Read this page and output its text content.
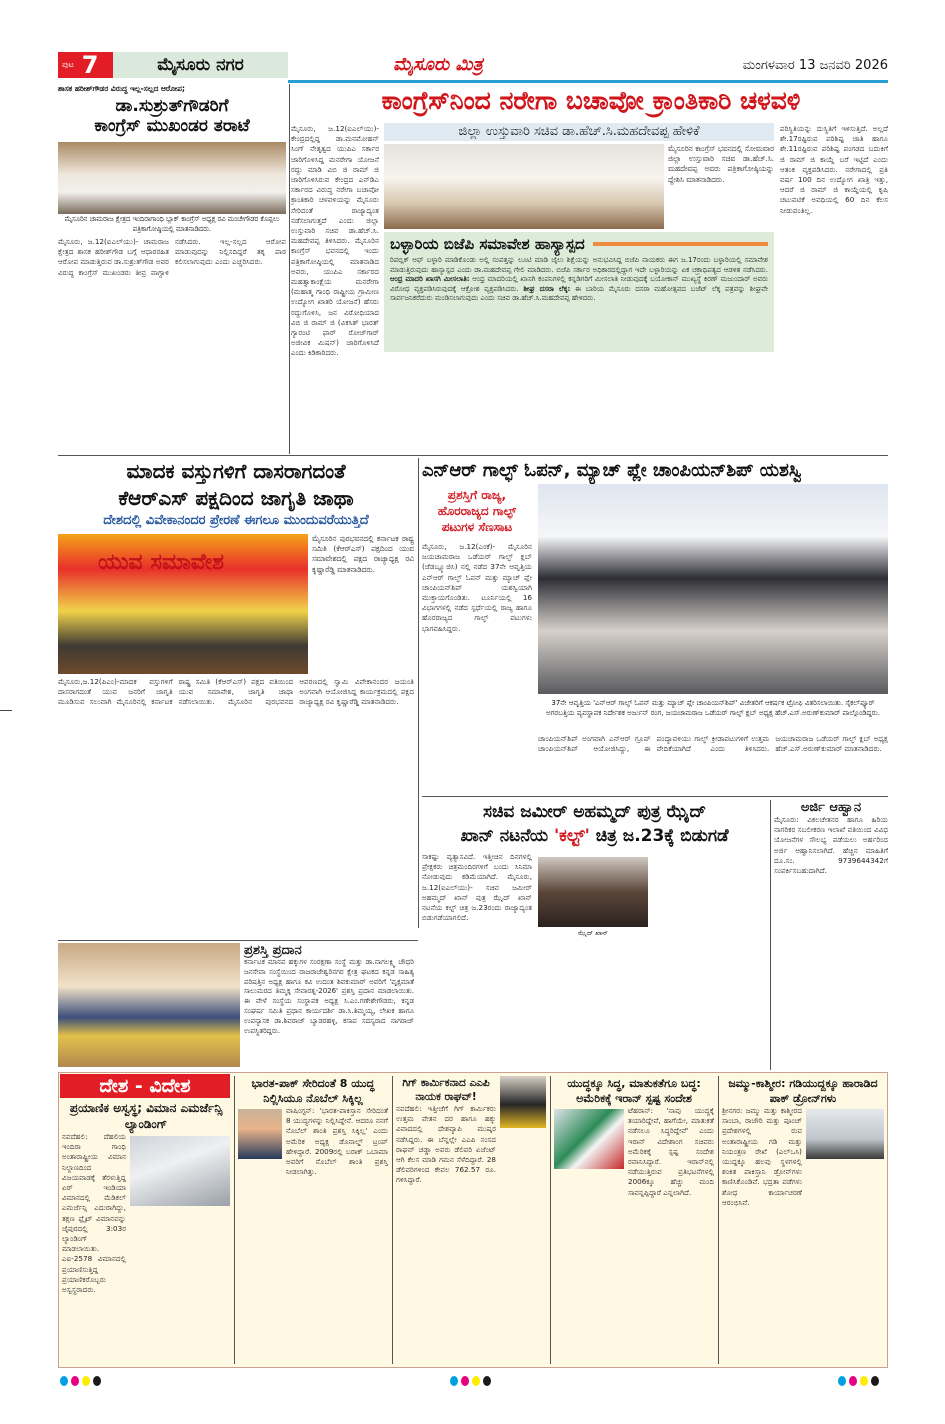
ಪುಟ 7	ಮೈಸೂರು ನಗರ	ಮೈಸೂರು ಮಿತ್ರ	ಮಂಗಳವಾರ 13 ಜನವರಿ 2026
ಶಾಸಕ ಹರೀಶ್‌ಗೌಡರ ವಿರುದ್ಧ ಇಲ್ಲ-ಸಲ್ಲದ ಆರೋಪ;
ಡಾ.ಸುಶ್ರುತ್‌ಗೌಡರಿಗೆ
ಕಾಂಗ್ರೆಸ್ ಮುಖಂಡರ ತರಾಟೆ
ಮೈಸೂರಿನ ಚಾಮರಾಜ ಕ್ಷೇತ್ರದ ಇಂದಿರಾಗಾಂಧಿ ಬ್ಲಾಕ್ ಕಾಂಗ್ರೆಸ್ ಅಧ್ಯಕ್ಷ ರವಿ ಮಂಚೇಗೌಡರ ಕೊಪ್ಪಲು ಪತ್ರಿಕಾಗೋಷ್ಠಿಯಲ್ಲಿ ಮಾತನಾಡಿದರು.
ಮೈಸೂರು, ಜ.12(ಐಎಲ್‌ಯು)- ಚಾಮರಾಜ ಕ್ಷೇತ್ರದ ಶಾಸಕ ಹರೀಶ್‌ಗೌಡ ಬಗ್ಗೆ ಆಧಾರರಹಿತ ಆರೋಪ ಮಾಡುತ್ತಿರುವ ಡಾ.ಸುಶ್ರುತ್‌ಗೌಡ ಅವರ ವಿರುದ್ಧ ಕಾಂಗ್ರೆಸ್ ಮುಖಂಡರು ತೀವ್ರ ವಾಗ್ದಾಳಿ ನಡೆಸಿದರು. ಇಲ್ಲ-ಸಲ್ಲದ ಆರೋಪ ಮಾಡುವುದನ್ನು ನಿಲ್ಲಿಸದಿದ್ದರೆ ತಕ್ಕ ಪಾಠ ಕಲಿಸಲಾಗುವುದು ಎಂದು ಎಚ್ಚರಿಸಿದರು.
ಕಾಂಗ್ರೆಸ್‌ನಿಂದ ನರೇಗಾ ಬಚಾವೋ ಕ್ರಾಂತಿಕಾರಿ ಚಳವಳಿ
ಮೈಸೂರು, ಜ.12(ಐಎಲ್‌ಯು)- ಕೇಂದ್ರದಲ್ಲಿದ್ದ ಡಾ.ಮನಮೋಹನ್ ಸಿಂಗ್ ನೇತೃತ್ವದ ಯುಪಿಎ ಸರ್ಕಾರ ಜಾರಿಗೊಳಿಸಿದ್ದ ಮನರೇಗಾ ಯೋಜನೆ ರದ್ದು ಮಾಡಿ ವಿಬಿ ಜಿ ರಾಮ್ ಜಿ ಜಾರಿಗೊಳಿಸಿರುವ ಕೇಂದ್ರದ ಎನ್‌ಡಿಎ ಸರ್ಕಾರದ ವಿರುದ್ಧ ನರೇಗಾ ಬಚಾವೋ ಕ್ರಾಂತಿಕಾರಿ ಚಳವಳಿಯನ್ನು ಮೈಸೂರು ಸೇರಿದಂತೆ ರಾಜ್ಯಾದ್ಯಂತ ನಡೆಸಲಾಗುತ್ತದೆ ಎಂದು ಜಿಲ್ಲಾ ಉಸ್ತುವಾರಿ ಸಚಿವ ಡಾ.ಹೆಚ್.ಸಿ. ಮಹದೇವಪ್ಪ ತಿಳಿಸಿದರು. ಮೈಸೂರಿನ ಕಾಂಗ್ರೆಸ್ ಭವನದಲ್ಲಿ ಇಂದು ಪತ್ರಿಕಾಗೋಷ್ಠಿಯಲ್ಲಿ ಮಾತನಾಡಿದ ಅವರು, ಯುಪಿಎ ಸರ್ಕಾರದ ಮಹತ್ವಾಕಾಂಕ್ಷೆಯ ಮನರೇಗಾ (ಮಹಾತ್ಮ ಗಾಂಧಿ ರಾಷ್ಟ್ರೀಯ ಗ್ರಾಮೀಣ ಉದ್ಯೋಗ ಖಾತರಿ ಯೋಜನೆ) ಹೆಸರು ರದ್ದುಗೊಳಿಸಿ, ಜನ ವಿರೋಧಿಯಾದ ವಿಬಿ ಜಿ ರಾಮ್ ಜಿ (ವಿಕಸಿತ್ ಭಾರತ್ ಗ್ಯಾರಂಟಿ ಫಾರ್ ರೋಜ್‌ಗಾರ್ ಅಜೀವಿಕ ಮಿಷನ್) ಜಾರಿಗೊಳಿಸಿದೆ ಎಂದು ಕಿಡಿಕಾರಿದರು.
ಜಿಲ್ಲಾ ಉಸ್ತುವಾರಿ ಸಚಿವ ಡಾ.ಹೆಚ್.ಸಿ.ಮಹದೇವಪ್ಪ ಹೇಳಿಕೆ
ಮೈಸೂರಿನ ಕಾಂಗ್ರೆಸ್ ಭವನದಲ್ಲಿ ಸೋಮವಾರ ಜಿಲ್ಲಾ ಉಸ್ತುವಾರಿ ಸಚಿವ ಡಾ.ಹೆಚ್.ಸಿ. ಮಹದೇವಪ್ಪ ಅವರು ಪತ್ರಿಕಾಗೋಷ್ಠಿಯನ್ನು ದ್ದೇಶಿಸಿ ಮಾತನಾಡಿದರು.
ಪರಿಸ್ಥಿತಿಯನ್ನು ದುಸ್ಥಿತಿಗೆ ಇಳಿಸುತ್ತಿದೆ. ಅಲ್ಲದೆ ಶೇ.17ರಷ್ಟಿರುವ ಪರಿಶಿಷ್ಟ ಜಾತಿ ಹಾಗೂ ಶೇ.11ರಷ್ಟಿರುವ ಪರಿಶಿಷ್ಟ ಪಂಗಡದ ಬದುಕಿಗೆ ಜಿ ರಾಮ್ ಜಿ ಕಾಯ್ದೆ ಬರೆ ಇಟ್ಟಿದೆ ಎಂದು ಆತಂಕ ವ್ಯಕ್ತಪಡಿಸಿದರು. ನರೇಗಾದಲ್ಲಿ ಪ್ರತಿ ವರ್ಷ 100 ದಿನ ಉದ್ಯೋಗ ಖಾತ್ರಿ ಇತ್ತು, ಆದರೆ ಜಿ ರಾಮ್ ಜಿ ಕಾಯ್ದೆಯಲ್ಲಿ ಕೃಷಿ ಚಟುವಟಿಕೆ ಅವಧಿಯಲ್ಲಿ 60 ದಿನ ಕೆಲಸ ನೀಡುವಂತಿಲ್ಲ.
ಬಳ್ಳಾರಿಯ ಬಿಜೆಪಿ ಸಮಾವೇಶ ಹಾಸ್ಯಾಸ್ಪದ
ರಿಪಬ್ಲಿಕ್ ಆಫ್ ಬಳ್ಳಾರಿ ಮಾಡಿಕೊಂಡು ಅಲ್ಲಿ ಸಂಪತ್ತನ್ನು ಲೂಟಿ ಮಾಡಿ ಜೈಲು ಶಿಕ್ಷೆಯನ್ನು ಅನುಭವಿಸಿದ್ದ ಬಿಜೆಪಿ ನಾಯಕರು ಈಗ ಜ.17ರಂದು ಬಳ್ಳಾರಿಯಲ್ಲಿ ಸಮಾವೇಶ ಮಾಡುತ್ತಿರುವುದು ಹಾಸ್ಯಾಸ್ಪದ ಎಂದು ಡಾ.ಮಹದೇವಪ್ಪ ಗೇಲಿ ಮಾಡಿದರು. ಬಿಜೆಪಿ ಸರ್ಕಾರ ಅಧಿಕಾರದಲ್ಲಿದ್ದಾಗ ಇದೇ ಬಳ್ಳಾರಿಯನ್ನು ಏಕ ಚಕ್ರಾಧಿಪತ್ಯದ ಆಡಳಿತ ನಡೆಸಿದರು. ಆಂಧ್ರ ಮಾದರಿ ಖಾಸಗಿ ಮೀಸಲಾತಿ: ಆಂಧ್ರ ಮಾದರಿಯಲ್ಲಿ ಖಾಸಗಿ ಕಂಪನಿಗಳಲ್ಲಿ ಕನ್ನಡಿಗರಿಗೆ ಮೀಸಲಾತಿ ನೀಡುವುದಕ್ಕೆ ಬಯೋಕಾನ್ ಮುಖ್ಯಸ್ಥೆ ಕಿರಣ್ ಮಜುಂದಾರ್ ಅವರು ವಿರೋಧ ವ್ಯಕ್ತಪಡಿಸಿರುವುದಕ್ಕೆ ಆಕ್ರೋಶ ವ್ಯಕ್ತಪಡಿಸಿದರು. ಶೀಘ್ರ ದಸರಾ ಲೆಕ್ಕ: ಈ ಬಾರಿಯ ಮೈಸೂರು ದಸರಾ ಮಹೋತ್ಸವದ ಬಜೆಟ್ ಲೆಕ್ಕ ಪತ್ರವನ್ನು ಶೀಘ್ರವೇ ಸಾರ್ವಜನಿಕರೆದುರು ಮಂಡಿಸಲಾಗುವುದು ಎಂದು ಸಚಿವ ಡಾ.ಹೆಚ್.ಸಿ.ಮಹದೇವಪ್ಪ ಹೇಳಿದರು.
ಮಾದಕ ವಸ್ತುಗಳಿಗೆ ದಾಸರಾಗದಂತೆ
ಕೆಆರ್‌ಎಸ್ ಪಕ್ಷದಿಂದ ಜಾಗೃತಿ ಜಾಥಾ
ದೇಶದಲ್ಲಿ ವಿವೇಕಾನಂದರ ಪ್ರೇರಣೆ ಈಗಲೂ ಮುಂದುವರೆಯುತ್ತಿದೆ
ಯುವ ಸಮಾವೇಶ
ಮೈಸೂರಿನ ಪುರಭವನದಲ್ಲಿ ಕರ್ನಾಟಕ ರಾಷ್ಟ್ರ ಸಮಿತಿ (ಕೆಆರ್‌ಎಸ್) ಪಕ್ಷದಿಂದ ಯುವ ಸಮಾವೇಶದಲ್ಲಿ ಪಕ್ಷದ ರಾಜ್ಯಾಧ್ಯಕ್ಷ ರವಿ ಕೃಷ್ಣಾರೆಡ್ಡಿ ಮಾತನಾಡಿದರು.
ಮೈಸೂರು,ಜ.12(ಪಿಎಂ)-ಮಾದಕ ವಸ್ತುಗಳಿಗೆ ದಾಸರಾಗದಂತೆ ಯುವ ಜನರಿಗೆ ಜಾಗೃತಿ ಮೂಡಿಸುವ ಸಲುವಾಗಿ ಮೈಸೂರಿನಲ್ಲಿ ಕರ್ನಾಟಕ ರಾಷ್ಟ್ರ ಸಮಿತಿ (ಕೆಆರ್‌ಎಸ್) ಪಕ್ಷದ ವತಿಯಿಂದ ಯುವ ಸಮಾವೇಶ, ಜಾಗೃತಿ ಜಾಥಾ ನಡೆಸಲಾಯಿತು. ಮೈಸೂರಿನ ಪುರಭವನದ ಆವರಣದಲ್ಲಿ ಸ್ವಾಮಿ ವಿವೇಕಾನಂದರ ಜಯಂತಿ ಅಂಗವಾಗಿ ಆಯೋಜಿಸಿದ್ದ ಕಾರ್ಯಕ್ರಮದಲ್ಲಿ ಪಕ್ಷದ ರಾಜ್ಯಾಧ್ಯಕ್ಷ ರವಿ ಕೃಷ್ಣಾರೆಡ್ಡಿ ಮಾತನಾಡಿದರು.
ಎನ್‌ಆರ್ ಗಾಲ್ಫ್ ಓಪನ್, ಮ್ಯಾಚ್ ಪ್ಲೇ ಚಾಂಪಿಯನ್‌ಶಿಪ್ ಯಶಸ್ವಿ
ಪ್ರಶಸ್ತಿಗೆ ರಾಜ್ಯ, ಹೊರರಾಜ್ಯದ ಗಾಲ್ಫ್ ಪಟುಗಳ ಸೆಣಸಾಟ
ಮೈಸೂರು, ಜ.12(ಎಂಕೆ)- ಮೈಸೂರಿನ ಜಯಚಾಮರಾಜ ಒಡೆಯರ್ ಗಾಲ್ಫ್ ಕ್ಲಬ್ (ಜೆಡಬ್ಲ್ಯೂಜಿಸಿ) ನಲ್ಲಿ ನಡೆದ 37ನೇ ಆವೃತ್ತಿಯ ಎನ್‌ಆರ್ ಗಾಲ್ಫ್ ಓಪನ್ ಮತ್ತು ಮ್ಯಾಚ್ ಪ್ಲೇ ಚಾಂಪಿಯನ್‌ಶಿಪ್ ಯಶಸ್ವಿಯಾಗಿ ಮುಕ್ತಾಯಗೊಂಡಿತು. ಟೂರ್ನಿಯಲ್ಲಿ 16 ವಿಭಾಗಗಳಲ್ಲಿ ನಡೆದ ಸ್ಪರ್ಧೆಯಲ್ಲಿ ರಾಜ್ಯ ಹಾಗೂ ಹೊರರಾಜ್ಯದ ಗಾಲ್ಫ್ ಪಟುಗಳು ಭಾಗವಹಿಸಿದ್ದರು.
37ನೇ ಆವೃತ್ತಿಯ 'ಎನ್‌ಆರ್ ಗಾಲ್ಫ್ ಓಪನ್ ಮತ್ತು ಮ್ಯಾಚ್ ಪ್ಲೇ ಚಾಂಪಿಯನ್‌ಶಿಪ್' ವಿಜೇತರಿಗೆ ಆಕರ್ಷಕ ಟ್ರೋಫಿ ವಿತರಿಸಲಾಯಿತು. ಸೈಕಲ್‌ಪ್ಯೂರ್ ಅಗರಬತ್ತಿಯ ವ್ಯವಸ್ಥಾಪಕ ನಿರ್ದೇಶಕ ಅರ್ಜುನ್ ರಂಗ, ಜಯಚಾಮರಾಜ ಒಡೆಯರ್ ಗಾಲ್ಫ್ ಕ್ಲಬ್ ಅಧ್ಯಕ್ಷ ಹೆಚ್.ಎಸ್.ಅರುಣ್‌ಕುಮಾರ್ ಪಾಲ್ಗೊಂಡಿದ್ದರು.
ಚಾಂಪಿಯನ್‌ಶಿಪ್ ಅಂಗವಾಗಿ ಎನ್‌ಆರ್ ಗ್ರೂಪ್ ಚಾಂಪಿಯನ್‌ಶಿಪ್ ಆಯೋಜಿಸಿದ್ದು, ಈ ಪಂದ್ಯಾವಳಿಯು ಗಾಲ್ಫ್ ಕ್ರೀಡಾಪಟುಗಳಿಗೆ ಉತ್ತಮ ವೇದಿಕೆಯಾಗಿದೆ ಎಂದು ತಿಳಿಸಿದರು. ಜಯಚಾಮರಾಜ ಒಡೆಯರ್ ಗಾಲ್ಫ್ ಕ್ಲಬ್ ಅಧ್ಯಕ್ಷ ಹೆಚ್.ಎಸ್.ಅರುಣ್‌ಕುಮಾರ್ ಮಾತನಾಡಿದರು.
ಸಚಿವ ಜಮೀರ್ ಅಹಮ್ಮದ್ ಪುತ್ರ ಝೈದ್
ಖಾನ್ ನಟನೆಯ 'ಕಲ್ಟ್' ಚಿತ್ರ ಜ.23ಕ್ಕೆ ಬಿಡುಗಡೆ
ಸಾಕಷ್ಟು ವ್ಯತ್ಯಾಸವಿದೆ. ಇತ್ತೀಚಿನ ದಿನಗಳಲ್ಲಿ ಪ್ರೇಕ್ಷಕರು ಚಿತ್ರಮಂದಿರಗಳಿಗೆ ಬಂದು ಸಿನಿಮಾ ನೋಡುವುದು ಕಡಿಮೆಯಾಗಿದೆ. ಮೈಸೂರು, ಜ.12(ಐಎಲ್‌ಯು)- ಸಚಿವ ಜಮೀರ್ ಅಹಮ್ಮದ್ ಖಾನ್ ಪುತ್ರ ಝೈದ್ ಖಾನ್ ನಟನೆಯ ಕಲ್ಟ್ ಚಿತ್ರ ಜ.23ರಂದು ರಾಜ್ಯಾದ್ಯಂತ ಬಿಡುಗಡೆಯಾಗಲಿದೆ.
ಝೈದ್ ಖಾನ್
ಅರ್ಜಿ ಆಹ್ವಾನ
ಮೈಸೂರು: ವಿಕಲಚೇತನರ ಹಾಗೂ ಹಿರಿಯ ನಾಗರಿಕರ ಸಬಲೀಕರಣ ಇಲಾಖೆ ವತಿಯಿಂದ ವಿವಿಧ ಯೋಜನೆಗಳ ಸೌಲಭ್ಯ ಪಡೆಯಲು ಅರ್ಹರಿಂದ ಅರ್ಜಿ ಆಹ್ವಾನಿಸಲಾಗಿದೆ. ಹೆಚ್ಚಿನ ಮಾಹಿತಿಗೆ ದೂ.ಸಂ. 9739644342ಗೆ ಸಂಪರ್ಕಿಸಬಹುದಾಗಿದೆ.
ಪ್ರಶಸ್ತಿ ಪ್ರದಾನ
ಕರ್ನಾಟಕ ಮಾನವ ಹಕ್ಕುಗಳ ಸಂರಕ್ಷಣಾ ಸಂಸ್ಥೆ ಮತ್ತು ಡಾ.ನಾಗಲಕ್ಷ್ಮಿ ಚೌಧರಿ ಜನಸೇವಾ ಸಂಸ್ಥೆಯಿಂದ ರಾಜರಾಜೇಶ್ವರಿನಗರ ಕ್ಷೇತ್ರ ಘಟಕದ ಕನ್ನಡ ಸಾಹಿತ್ಯ ಪರಿಷತ್ತಿನ ಅಧ್ಯಕ್ಷ ಹಾಗೂ ಕವಿ ಉದಂತ ಶಿವಕುಮಾರ್ ಅವರಿಗೆ 'ವೃಕ್ಷಮಾತೆ ಸಾಲುಮರದ ತಿಮ್ಮಕ್ಕ ಸೇವಾರತ್ನ-2026' ಪ್ರಶಸ್ತಿ ಪ್ರದಾನ ಮಾಡಲಾಯಿತು. ಈ ವೇಳೆ ಸಂಸ್ಥೆಯ ಸಂಸ್ಥಾಪಕ ಅಧ್ಯಕ್ಷ ಸಿ.ಎಂ.ಗಣೇಶೇಗೌಡರು, ಕನ್ನಡ ಸಂಘರ್ಷ ಸಮಿತಿ ಪ್ರಧಾನ ಕಾರ್ಯದರ್ಶಿ ಡಾ.ಸಿ.ತಿಮ್ಮಯ್ಯ, ಲೇಖಕ ಹಾಗೂ ಉಪನ್ಯಾಸಕ ಡಾ.ಶಿವರಾಜ್ ಬ್ಯಾಡರಹಳ್ಳಿ, ಕಸಾಪ ಸದಸ್ಯರಾದ ನಾಗರಾಜ್ ಉಪಸ್ಥಿತರಿದ್ದರು.
ದೇಶ - ವಿದೇಶ
ಪ್ರಯಾಣಿಕ ಅಸ್ವಸ್ಥ; ವಿಮಾನ ಎಮರ್ಜೆನ್ಸಿ ಲ್ಯಾಂಡಿಂಗ್
ನವದೆಹಲಿ: ದೆಹಲಿಯ ಇಂದಿರಾ ಗಾಂಧಿ ಅಂತಾರಾಷ್ಟ್ರೀಯ ವಿಮಾನ ನಿಲ್ದಾಣದಿಂದ ವಿಜಯವಾಡಕ್ಕೆ ತೆರಳುತ್ತಿದ್ದ ಏರ್ ಇಂಡಿಯಾ ವಿಮಾನದಲ್ಲಿ ಮೆಡಿಕಲ್ ಎಮರ್ಜೆನ್ಸಿ ಎದುರಾಗಿದ್ದು, ತಕ್ಷಣ ಫ್ಲೈಟ್ ವಿಮಾನವನ್ನು ಜೈಪುರದಲ್ಲಿ 3:03ರ ಲ್ಯಾಂಡಿಂಗ್ ಮಾಡಲಾಯಿತು. ಎಐ-2578 ವಿಮಾನದಲ್ಲಿ ಪ್ರಯಾಣಿಸುತ್ತಿದ್ದ ಪ್ರಯಾಣಿಕರೊಬ್ಬರು ಅಸ್ವಸ್ಥರಾದರು.
ಭಾರತ-ಪಾಕ್ ಸೇರಿದಂತೆ 8 ಯುದ್ಧ ನಿಲ್ಲಿಸಿಯೂ ನೊಬೆಲ್ ಸಿಕ್ಕಿಲ್ಲ
ವಾಷಿಂಗ್ಟನ್: 'ಭಾರತ-ಪಾಕಿಸ್ತಾನ ಸೇರಿದಂತೆ 8 ಯುದ್ಧಗಳನ್ನು ನಿಲ್ಲಿಸಿದ್ದೇನೆ. ಆದರೂ ನನಗೆ ನೊಬೆಲ್ ಶಾಂತಿ ಪ್ರಶಸ್ತಿ ಸಿಕ್ಕಿಲ್ಲ' ಎಂದು ಅಮೆರಿಕ ಅಧ್ಯಕ್ಷ ಡೊನಾಲ್ಡ್ ಟ್ರಂಪ್ ಹೇಳಿದ್ದಾರೆ. 2009ರಲ್ಲಿ ಬರಾಕ್ ಒಬಾಮಾ ಅವರಿಗೆ ನೊಬೆಲ್ ಶಾಂತಿ ಪ್ರಶಸ್ತಿ ನೀಡಲಾಗಿತ್ತು.
ಗಿಗ್ ಕಾರ್ಮಿಕನಾದ ಎಎಪಿ ನಾಯಕ ರಾಘವ್!
ನವದೆಹಲಿ: ಇತ್ತೀಚೆಗೆ ಗಿಗ್ ಕಾರ್ಮಿಕರು ಉತ್ತಮ ವೇತನ ದರ ಹಾಗೂ ಹಕ್ಕು ವಿವಾದದಲ್ಲಿ ದೇಶವ್ಯಾಪಿ ಮುಷ್ಕರ ನಡೆಸಿದ್ದರು. ಈ ಬೆನ್ನಲ್ಲೇ ಎಎಪಿ ಸಂಸದ ರಾಘವ್ ಚಡ್ಡಾ ಅವರು ಡೆಲಿವರಿ ಏಜೆಂಟ್ ಆಗಿ ಕೆಲಸ ಮಾಡಿ ಗಮನ ಸೆಳೆದಿದ್ದಾರೆ. 28 ಡೆಲಿವರಿಗಳಿಂದ ಕೇವಲ 762.57 ರೂ. ಗಳಿಸಿದ್ದಾರೆ.
ಯುದ್ಧಕ್ಕೂ ಸಿದ್ಧ, ಮಾತುಕತೆಗೂ ಬದ್ಧ: ಅಮೆರಿಕಕ್ಕೆ ಇರಾನ್ ಸ್ಪಷ್ಟ ಸಂದೇಶ
ಟೆಹರಾನ್: 'ನಾವು ಯುದ್ಧಕ್ಕೆ ತಯಾರಿದ್ದೇವೆ, ಹಾಗೆಯೇ, ಮಾತುಕತೆ ನಡೆಸಲೂ ಸಿದ್ಧರಿದ್ದೇವೆ' ಎಂದು ಇರಾನ್ ವಿದೇಶಾಂಗ ಸಚಿವರು ಅಮೆರಿಕಕ್ಕೆ ಸ್ಪಷ್ಟ ಸಂದೇಶ ರವಾನಿಸಿದ್ದಾರೆ. ಇರಾನ್‌ನಲ್ಲಿ ನಡೆಯುತ್ತಿರುವ ಪ್ರತಿಭಟನೆಗಳಲ್ಲಿ 2006ಕ್ಕೂ ಹೆಚ್ಚು ಮಂದಿ ಸಾವನ್ನಪ್ಪಿದ್ದಾರೆ ಎನ್ನಲಾಗಿದೆ.
ಜಮ್ಮು-ಕಾಶ್ಮೀರ: ಗಡಿಯುದ್ದಕ್ಕೂ ಹಾರಾಡಿದ ಪಾಕ್ ಡ್ರೋನ್‌ಗಳು
ಶ್ರೀನಗರ: ಜಮ್ಮು ಮತ್ತು ಕಾಶ್ಮೀರದ ಸಾಂಬಾ, ರಾಜೌರಿ ಮತ್ತು ಪೂಂಚ್ ಪ್ರದೇಶಗಳಲ್ಲಿ ರುವ ಅಂತಾರಾಷ್ಟ್ರೀಯ ಗಡಿ ಮತ್ತು ನಿಯಂತ್ರಣ ರೇಖೆ (ಎಲ್‌ಒಸಿ) ಯುದ್ದಕ್ಕೂ ಹಲವು ಸ್ಥಳಗಳಲ್ಲಿ ಶಂಕಿತ ಪಾಕಿಸ್ತಾನಿ ಡ್ರೋನ್‌ಗಳು ಕಾಣಿಸಿಕೊಂಡಿವೆ. ಭದ್ರತಾ ಪಡೆಗಳು ಶೋಧ ಕಾರ್ಯಾಚರಣೆ ಆರಂಭಿಸಿವೆ.
